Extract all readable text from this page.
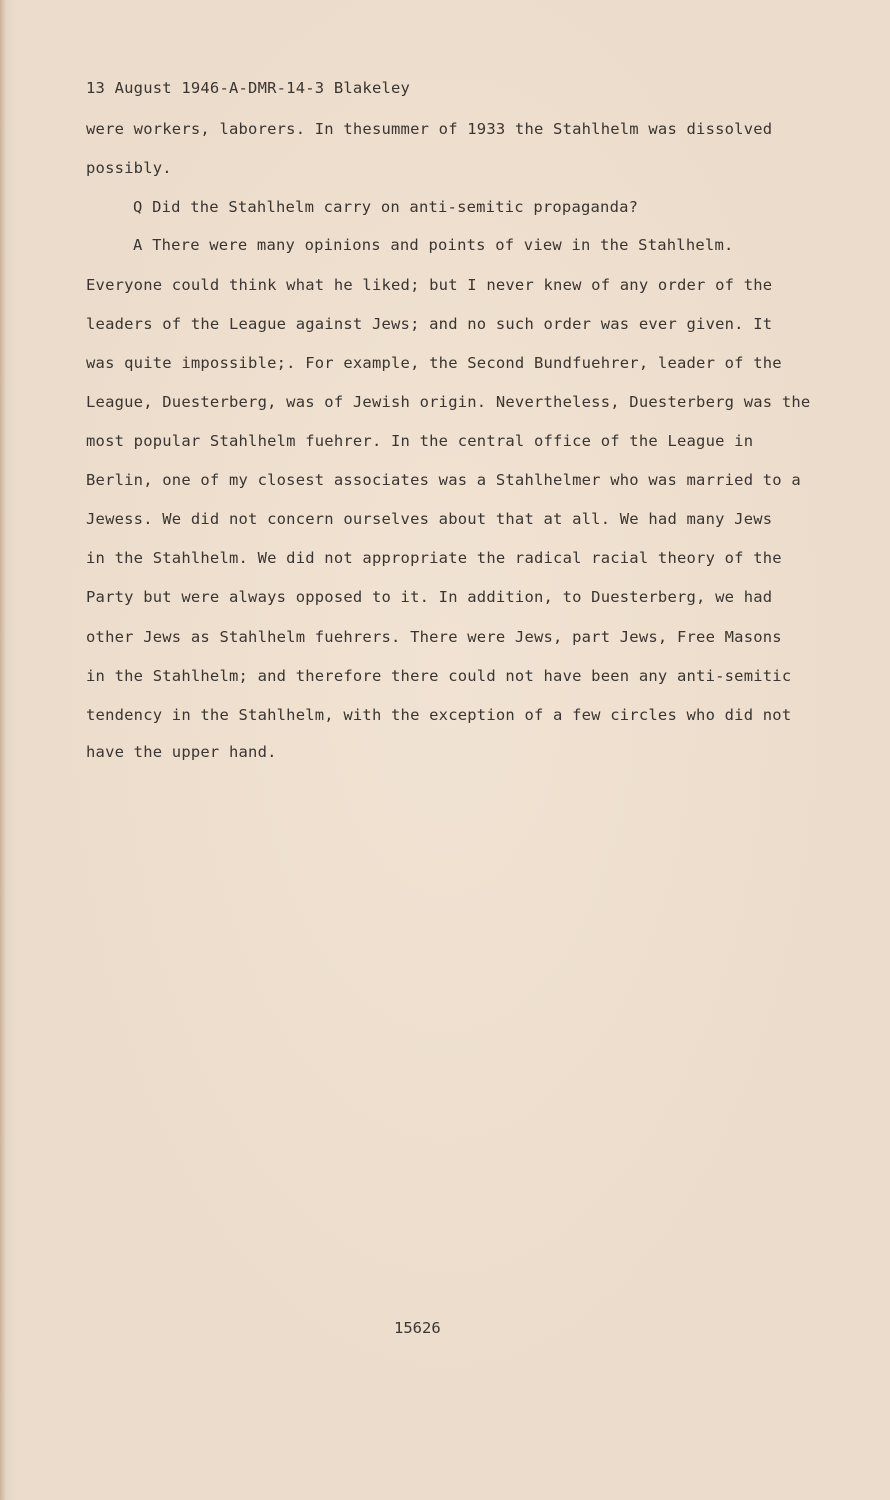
13 August 1946-A-DMR-14-3 Blakeley
were workers, laborers. In thesummer of 1933 the Stahlhelm was dissolved
possibly.
Q Did the Stahlhelm carry on anti-semitic propaganda?
A There were many opinions and points of view in the Stahlhelm.
Everyone could think what he liked; but I never knew of any order of the
leaders of the League against Jews; and no such order was ever given. It
was quite impossible;. For example, the Second Bundfuehrer, leader of the
League, Duesterberg, was of Jewish origin. Nevertheless, Duesterberg was the
most popular Stahlhelm fuehrer. In the central office of the League in
Berlin, one of my closest associates was a Stahlhelmer who was married to a
Jewess. We did not concern ourselves about that at all. We had many Jews
in the Stahlhelm. We did not appropriate the radical racial theory of the
Party but were always opposed to it. In addition, to Duesterberg, we had
other Jews as Stahlhelm fuehrers. There were Jews, part Jews, Free Masons
in the Stahlhelm; and therefore there could not have been any anti-semitic
tendency in the Stahlhelm, with the exception of a few circles who did not
have the upper hand.
15626
